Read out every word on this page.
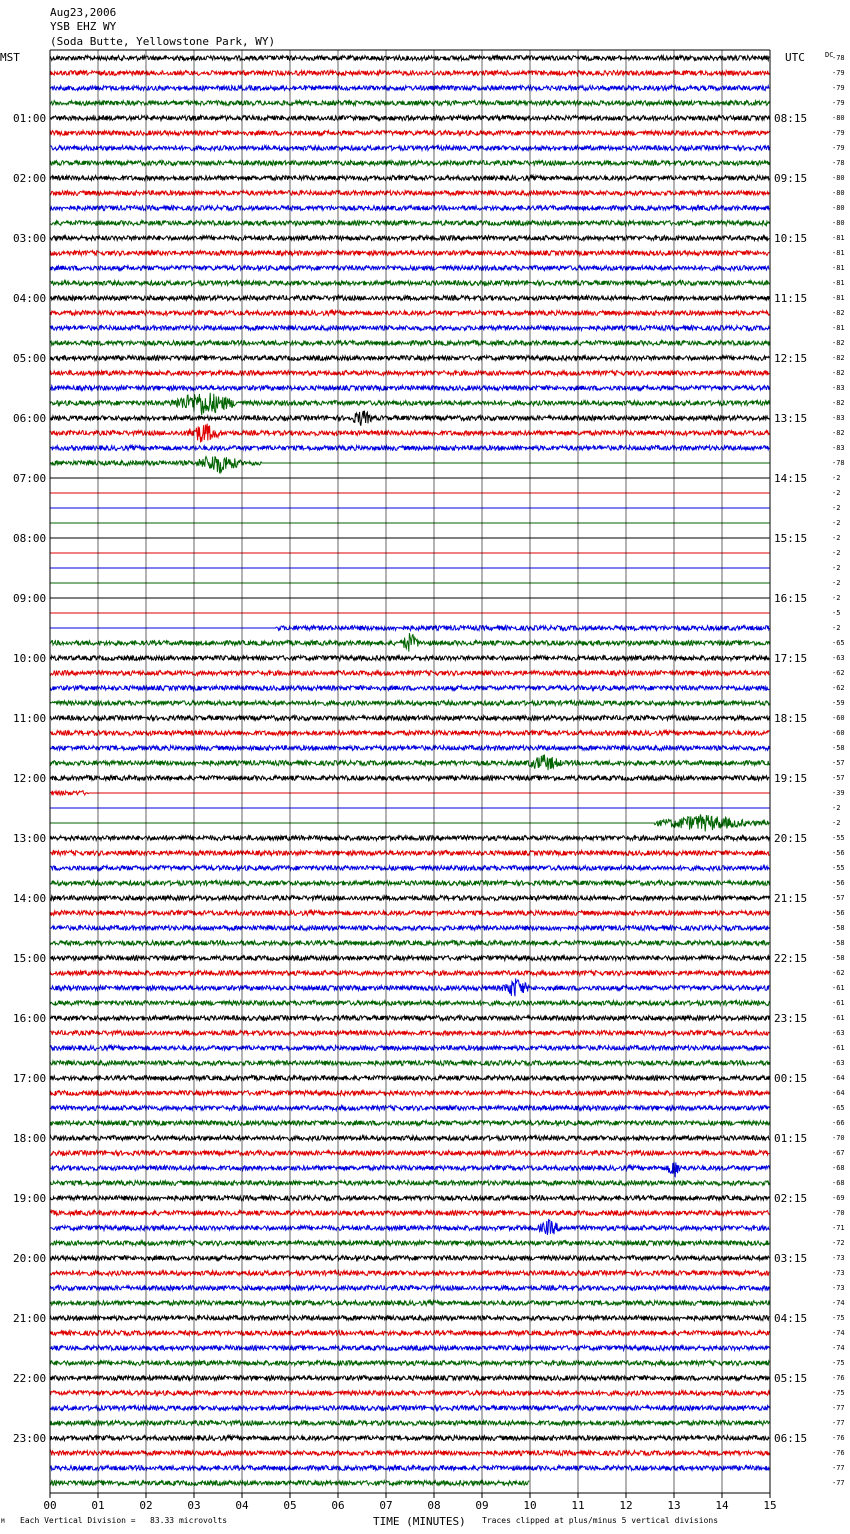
Aug23,2006
YSB EHZ WY
(Soda Butte, Yellowstone Park, WY)
MST	UTC	DC
01:00
02:00
03:00
04:00
05:00
06:00
07:00
08:00
09:00
10:00
11:00
12:00
13:00
14:00
15:00
16:00
17:00
18:00
19:00
20:00
21:00
22:00
23:00
08:15
09:15
10:15
11:15
12:15
13:15
14:15
15:15
16:15
17:15
18:15
19:15
20:15
21:15
22:15
23:15
00:15
01:15
02:15
03:15
04:15
05:15
06:15
-78
-79
-79
-79
-80
-79
-79
-78
-80
-80
-80
-80
-81
-81
-81
-81
-81
-82
-81
-82
-82
-82
-83
-82
-83
-82
-83
-78
-2
-2
-2
-2
-2
-2
-2
-2
-2
-5
-2
-65
-63
-62
-62
-59
-60
-60
-58
-57
-57
-39
-2
-2
-55
-56
-55
-56
-57
-56
-58
-58
-58
-62
-61
-61
-61
-63
-61
-63
-64
-64
-65
-66
-70
-67
-68
-68
-69
-70
-71
-72
-73
-73
-73
-74
-75
-74
-74
-75
-76
-75
-77
-77
-76
-76
-77
-77
00	01	02	03	04	05	06	07	08	09	10	11	12	13	14	15
M Each Vertical Division =   83.33 microvolts	TIME (MINUTES) Traces clipped at plus/minus 5 vertical divisions
